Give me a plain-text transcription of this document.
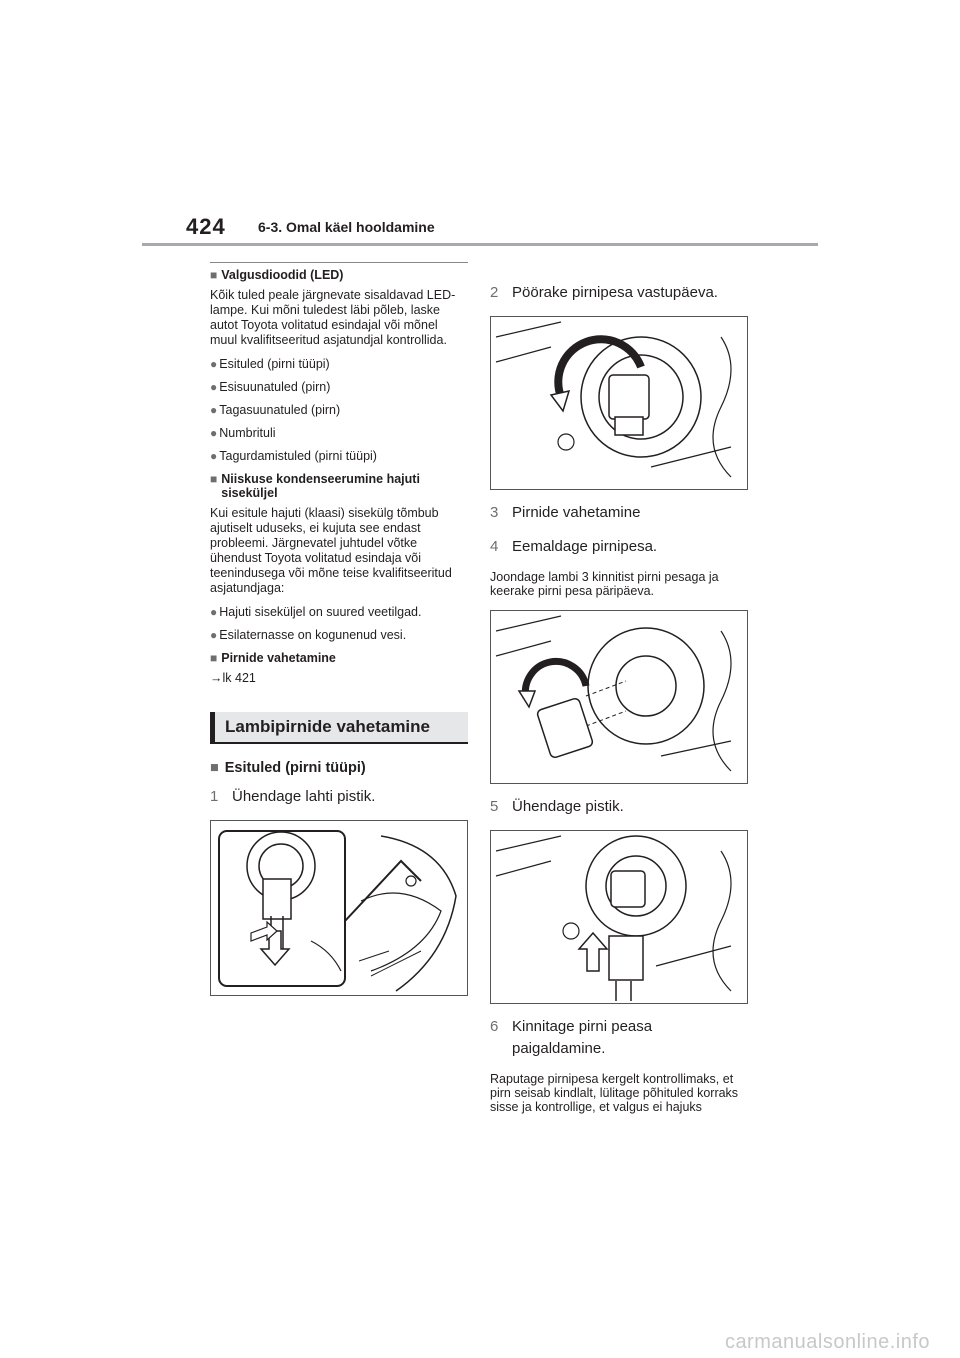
424 6-3. Omal käel hooldamine
■ Valgusdioodid (LED)

Kõik tuled peale järgnevate sisaldavad LED-lampe. Kui mõni tuledest läbi põleb, laske autot Toyota volitatud esindajal või mõnel muul kvalifitseeritud asjatundjal kontrollida.

● Esituled (pirni tüüpi)
● Esisuunatuled (pirn)
● Tagasuunatuled (pirn)
● Numbrituli
● Tagurdamistuled (pirni tüüpi)
■ Niiskuse kondenseerumine hajuti siseküljel

Kui esitule hajuti (klaasi) sisekülg tõmbub ajutiselt uduseks, ei kujuta see endast probleemi. Järgnevatel juhtudel võtke ühendust Toyota volitatud esindaja või teenindusega või mõne teise kvalifitseeritud asjatundjaga:

● Hajuti siseküljel on suured veetilgad.
● Esilaternasse on kogunenud vesi.
■ Pirnide vahetamine
→lk 421
Lambipirnide vahetamine
■ Esituled (pirni tüüpi)
1 Ühendage lahti pistik.
2 Pöörake pirnipesa vastupäeva.
3 Pirnide vahetamine
4 Eemaldage pirnipesa.

Joondage lambi 3 kinnitist pirni pesaga ja keerake pirni pesa päripäeva.

5 Ühendage pistik.
6 Kinnitage pirni peasa paigaldamine.

Raputage pirnipesa kergelt kontrollimaks, et pirn seisab kindlalt, lülitage põhituled korraks sisse ja kontrollige, et valgus ei hajuks

carmanualsonline.info
